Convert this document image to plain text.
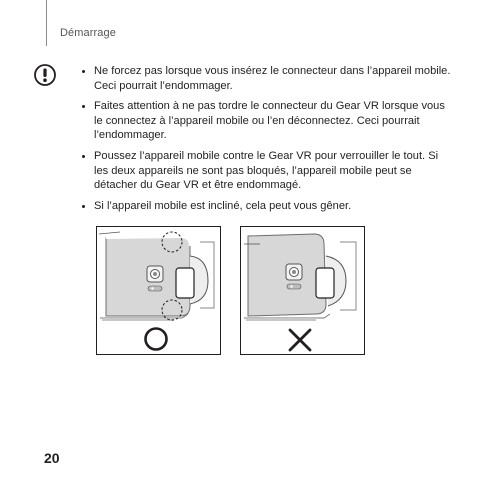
Démarrage
Ne forcez pas lorsque vous insérez le connecteur dans l’appareil mobile. Ceci pourrait l’endommager.
Faites attention à ne pas tordre le connecteur du Gear VR lorsque vous le connectez à l’appareil mobile ou l’en déconnectez. Ceci pourrait l’endommager.
Poussez l’appareil mobile contre le Gear VR pour verrouiller le tout. Si les deux appareils ne sont pas bloqués, l’appareil mobile peut se détacher du Gear VR et être endommagé.
Si l’appareil mobile est incliné, cela peut vous gêner.
20
